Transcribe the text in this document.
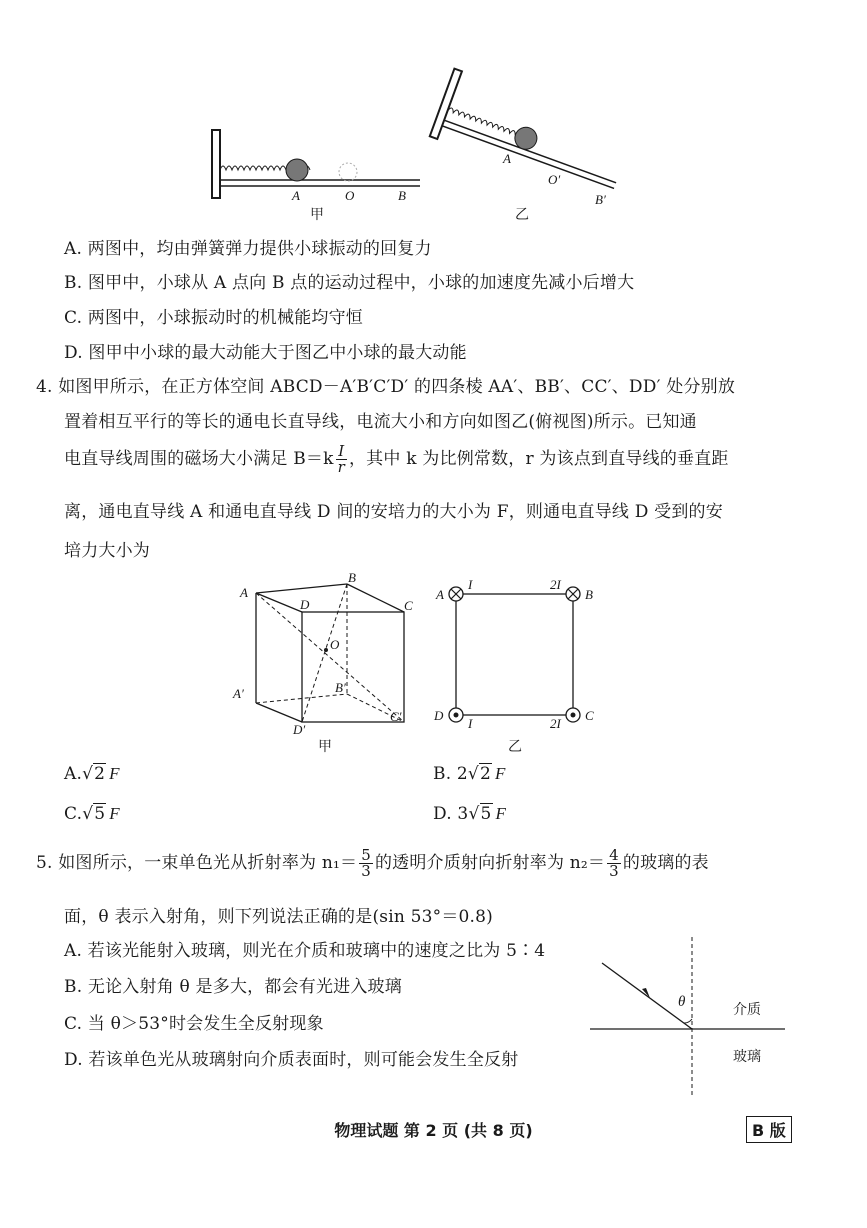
A	O	B
甲
A
O′
B′
乙
A. 两图中，均由弹簧弹力提供小球振动的回复力
B. 图甲中，小球从 A 点向 B 点的运动过程中，小球的加速度先减小后增大
C. 两图中，小球振动时的机械能均守恒
D. 图甲中小球的最大动能大于图乙中小球的最大动能
4. 如图甲所示，在正方体空间 ABCD－A′B′C′D′ 的四条棱 AA′、BB′、CC′、DD′ 处分别放
置着相互平行的等长的通电长直导线，电流大小和方向如图乙(俯视图)所示。已知通
电直导线周围的磁场大小满足 $B=k \frac{I}{r}$ ，其中 k 为比例常数，r 为该点到直导线的垂直距
离，通电直导线 A 和通电直导线 D 间的安培力的大小为 F，则通电直导线 D 受到的安
培力大小为
A
B
D	C
O
A′	B′
C′
D′
甲
A
I	2I
B
D
I	2I
C
乙
A.√2 F	B. 2√2 F
C.√5 F	D. 3√5 F
5. 如图所示，一束单色光从折射率为 $n_1= \frac{5}{3}$ 的透明介质射向折射率为 $n_2= \frac{4}{3}$ 的玻璃的表
面，θ 表示入射角，则下列说法正确的是(sin 53°＝0.8)
A. 若该光能射入玻璃，则光在介质和玻璃中的速度之比为 5∶4
B. 无论入射角 θ 是多大，都会有光进入玻璃
C. 当 θ＞53°时会发生全反射现象
D. 若该单色光从玻璃射向介质表面时，则可能会发生全反射
θ	介质
玻璃
物理试题 第 2 页 (共 8 页)	B 版
